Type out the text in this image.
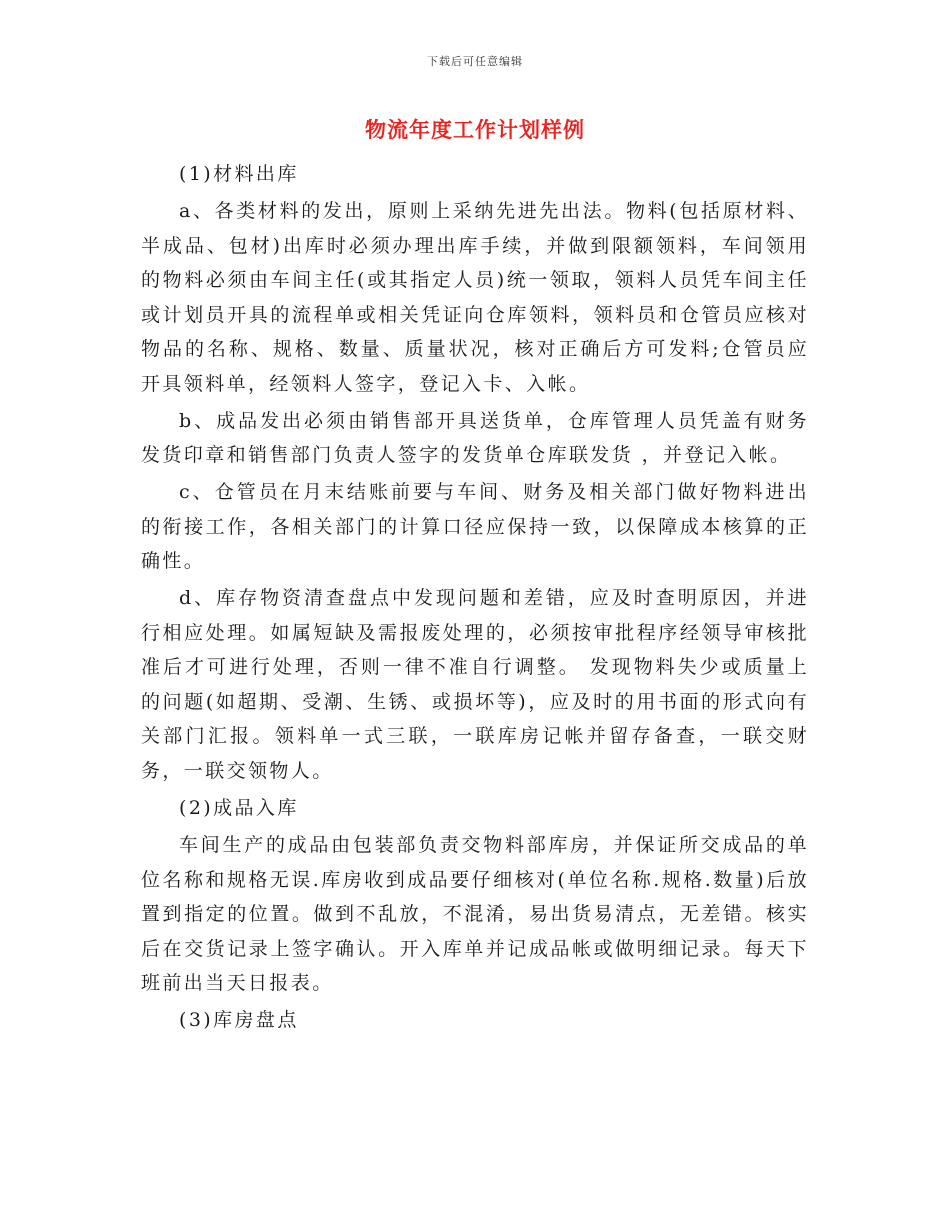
下载后可任意编辑
物流年度工作计划样例

(1)材料出库

a、各类材料的发出，原则上采纳先进先出法。物料(包括原材料、半成品、包材)出库时必须办理出库手续，并做到限额领料，车间领用的物料必须由车间主任(或其指定人员)统一领取，领料人员凭车间主任或计划员开具的流程单或相关凭证向仓库领料，领料员和仓管员应核对物品的名称、规格、数量、质量状况，核对正确后方可发料;仓管员应开具领料单，经领料人签字，登记入卡、入帐。

b、成品发出必须由销售部开具送货单，仓库管理人员凭盖有财务发货印章和销售部门负责人签字的发货单仓库联发货 ，并登记入帐。

c、仓管员在月末结账前要与车间、财务及相关部门做好物料进出的衔接工作，各相关部门的计算口径应保持一致，以保障成本核算的正确性。

d、库存物资清查盘点中发现问题和差错，应及时查明原因，并进行相应处理。如属短缺及需报废处理的，必须按审批程序经领导审核批准后才可进行处理，否则一律不准自行调整。 发现物料失少或质量上的问题(如超期、受潮、生锈、或损坏等)，应及时的用书面的形式向有关部门汇报。领料单一式三联，一联库房记帐并留存备查，一联交财务，一联交领物人。

(2)成品入库

车间生产的成品由包装部负责交物料部库房，并保证所交成品的单位名称和规格无误.库房收到成品要仔细核对(单位名称.规格.数量)后放置到指定的位置。做到不乱放，不混淆，易出货易清点，无差错。核实后在交货记录上签字确认。开入库单并记成品帐或做明细记录。每天下班前出当天日报表。

(3)库房盘点
